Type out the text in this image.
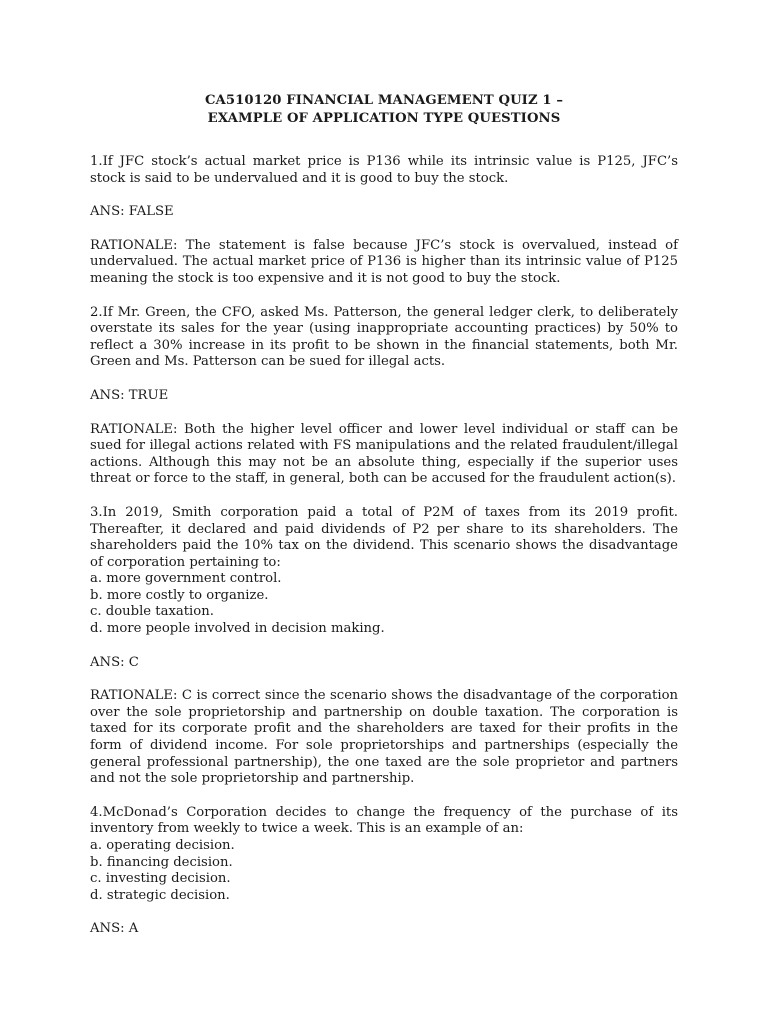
CA510120 FINANCIAL MANAGEMENT QUIZ 1 –
EXAMPLE OF APPLICATION TYPE QUESTIONS

1.If JFC stock’s actual market price is P136 while its intrinsic value is P125, JFC’s stock is said to be undervalued and it is good to buy the stock.

ANS: FALSE

RATIONALE: The statement is false because JFC’s stock is overvalued, instead of undervalued. The actual market price of P136 is higher than its intrinsic value of P125 meaning the stock is too expensive and it is not good to buy the stock.

2.If Mr. Green, the CFO, asked Ms. Patterson, the general ledger clerk, to deliberately overstate its sales for the year (using inappropriate accounting practices) by 50% to reflect a 30% increase in its profit to be shown in the financial statements, both Mr. Green and Ms. Patterson can be sued for illegal acts.

ANS: TRUE

RATIONALE: Both the higher level officer and lower level individual or staff can be sued for illegal actions related with FS manipulations and the related fraudulent/illegal actions. Although this may not be an absolute thing, especially if the superior uses threat or force to the staff, in general, both can be accused for the fraudulent action(s).

3.In 2019, Smith corporation paid a total of P2M of taxes from its 2019 profit. Thereafter, it declared and paid dividends of P2 per share to its shareholders. The shareholders paid the 10% tax on the dividend. This scenario shows the disadvantage of corporation pertaining to:

a. more government control.
b. more costly to organize.
c. double taxation.
d. more people involved in decision making.

ANS: C

RATIONALE: C is correct since the scenario shows the disadvantage of the corporation over the sole proprietorship and partnership on double taxation. The corporation is taxed for its corporate profit and the shareholders are taxed for their profits in the form of dividend income. For sole proprietorships and partnerships (especially the general professional partnership), the one taxed are the sole proprietor and partners and not the sole proprietorship and partnership.

4.McDonad’s Corporation decides to change the frequency of the purchase of its inventory from weekly to twice a week. This is an example of an:

a. operating decision.
b. financing decision.
c. investing decision.
d. strategic decision.

ANS: A
